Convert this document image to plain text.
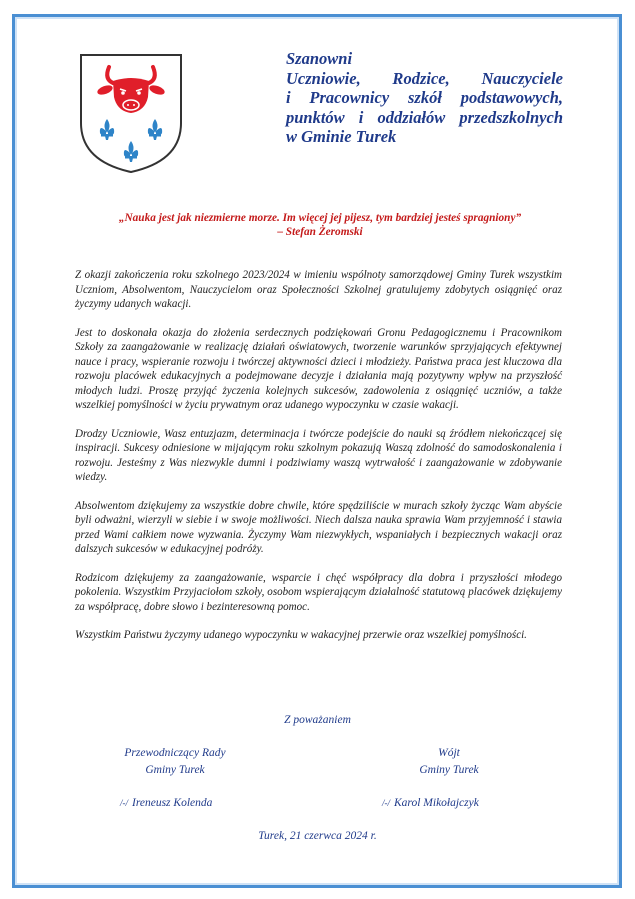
Szanowni
Uczniowie, Rodzice, Nauczyciele
i Pracownicy szkół podstawowych,
punktów i oddziałów przedszkolnych
w Gminie Turek
„Nauka jest jak niezmierne morze. Im więcej jej pijesz, tym bardziej jesteś spragniony”
– Stefan Żeromski

Z okazji zakończenia roku szkolnego 2023/2024 w imieniu wspólnoty samorządowej Gminy Turek wszystkim Uczniom, Absolwentom, Nauczycielom oraz Społeczności Szkolnej gratulujemy zdobytych osiągnięć oraz życzymy udanych wakacji.

Jest to doskonała okazja do złożenia serdecznych podziękowań Gronu Pedagogicznemu i Pracownikom Szkoły za zaangażowanie w realizację działań oświatowych, tworzenie warunków sprzyjających efektywnej nauce i pracy, wspieranie rozwoju i twórczej aktywności dzieci i młodzieży. Państwa praca jest kluczowa dla rozwoju placówek edukacyjnych a podejmowane decyzje i działania mają pozytywny wpływ na przyszłość młodych ludzi. Proszę przyjąć życzenia kolejnych sukcesów, zadowolenia z osiągnięć uczniów, a także wszelkiej pomyślności w życiu prywatnym oraz udanego wypoczynku w czasie wakacji.

Drodzy Uczniowie, Wasz entuzjazm, determinacja i twórcze podejście do nauki są źródłem niekończącej się inspiracji. Sukcesy odniesione w mijającym roku szkolnym pokazują Waszą zdolność do samodoskonalenia i rozwoju. Jesteśmy z Was niezwykle dumni i podziwiamy waszą wytrwałość i zaangażowanie w zdobywanie wiedzy.

Absolwentom dziękujemy za wszystkie dobre chwile, które spędziliście w murach szkoły życząc Wam abyście byli odważni, wierzyli w siebie i w swoje możliwości. Niech dalsza nauka sprawia Wam przyjemność i stawia przed Wami całkiem nowe wyzwania. Życzymy Wam niezwykłych, wspaniałych i bezpiecznych wakacji oraz dalszych sukcesów w edukacyjnej podróży.

Rodzicom dziękujemy za zaangażowanie, wsparcie i chęć współpracy dla dobra i przyszłości młodego pokolenia. Wszystkim Przyjaciołom szkoły, osobom wspierającym działalność statutową placówek dziękujemy za współpracę, dobre słowo i bezinteresowną pomoc.

Wszystkim Państwu życzymy udanego wypoczynku w wakacyjnej przerwie oraz wszelkiej pomyślności.

Z poważaniem
Przewodniczący Rady
Gminy Turek
Wójt
Gminy Turek
/-/ Ireneusz Kolenda	/-/ Karol Mikołajczyk
Turek, 21 czerwca 2024 r.
